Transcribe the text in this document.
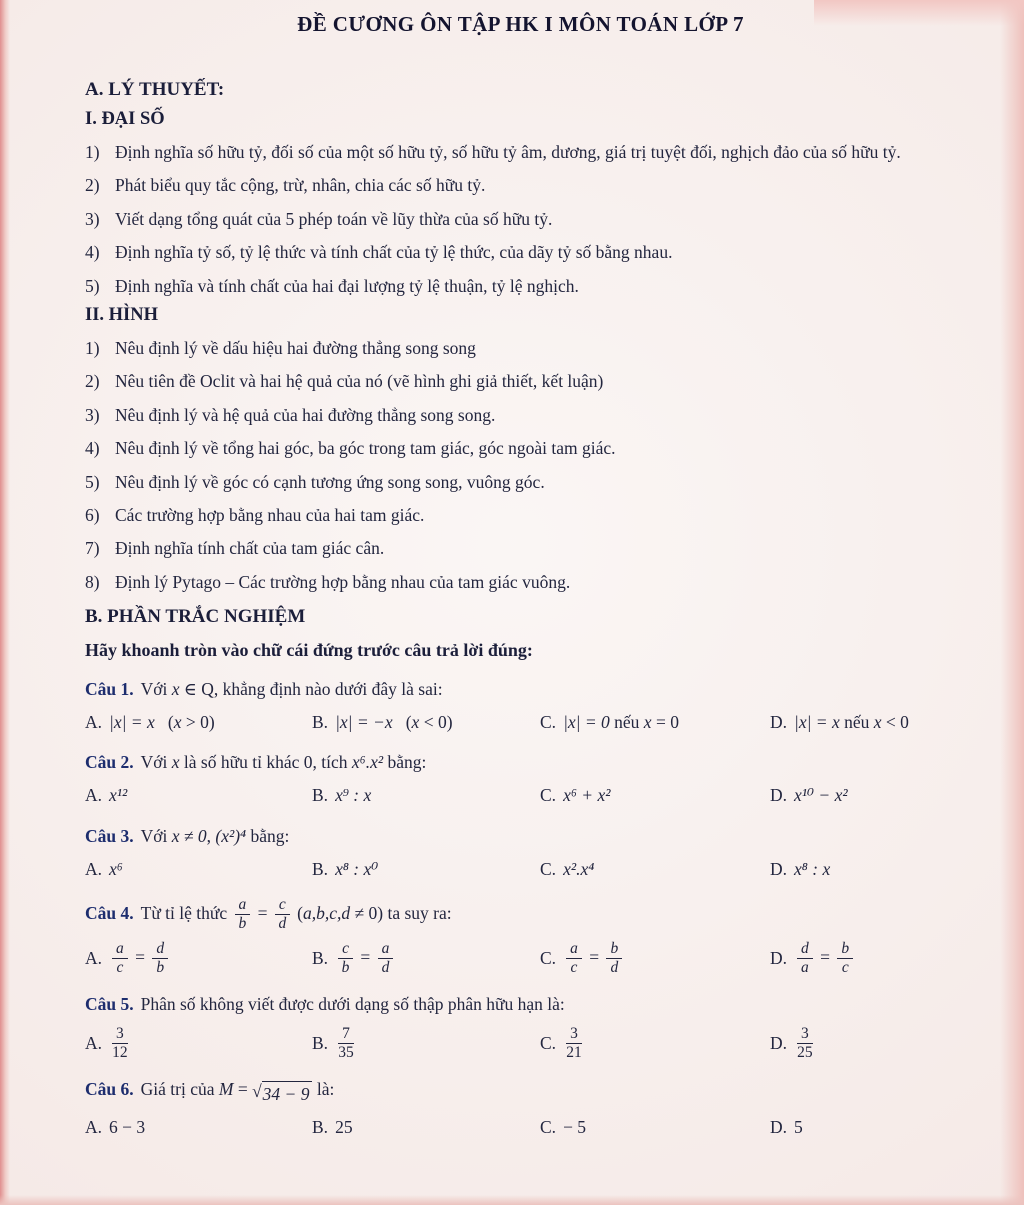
ĐỀ CƯƠNG ÔN TẬP HK I MÔN TOÁN LỚP 7
A. LÝ THUYẾT:
I. ĐẠI SỐ
1) Định nghĩa số hữu tỷ, đối số của một số hữu tỷ, số hữu tỷ âm, dương, giá trị tuyệt đối, nghịch đảo của số hữu tỷ.
2) Phát biểu quy tắc cộng, trừ, nhân, chia các số hữu tỷ.
3) Viết dạng tổng quát của 5 phép toán về lũy thừa của số hữu tỷ.
4) Định nghĩa tỷ số, tỷ lệ thức và tính chất của tỷ lệ thức, của dãy tỷ số bằng nhau.
5) Định nghĩa và tính chất của hai đại lượng tỷ lệ thuận, tỷ lệ nghịch.
II. HÌNH
1) Nêu định lý về dấu hiệu hai đường thẳng song song
2) Nêu tiên đề Oclit và hai hệ quả của nó (vẽ hình ghi giả thiết, kết luận)
3) Nêu định lý và hệ quả của hai đường thẳng song song.
4) Nêu định lý về tổng hai góc, ba góc trong tam giác, góc ngoài tam giác.
5) Nêu định lý về góc có cạnh tương ứng song song, vuông góc.
6) Các trường hợp bằng nhau của hai tam giác.
7) Định nghĩa tính chất của tam giác cân.
8) Định lý Pytago – Các trường hợp bằng nhau của tam giác vuông.
B. PHẦN TRẮC NGHIỆM
Hãy khoanh tròn vào chữ cái đứng trước câu trả lời đúng:
Câu 1. Với x ∈ Q, khẳng định nào dưới đây là sai:
A. |x| = x   (x > 0)	B. |x| = −x   (x < 0)	C. |x| = 0 nếu x = 0	D. |x| = x nếu x < 0
Câu 2. Với x là số hữu tỉ khác 0, tích x⁶.x² bằng:
A. x¹²	B. x⁹ : x	C. x⁶ + x²	D. x¹⁰ − x²
Câu 3. Với x ≠ 0, (x²)⁴ bằng:
A. x⁶	B. x⁸ : x⁰	C. x².x⁴	D. x⁸ : x
Câu 4. Từ tỉ lệ thức $\frac{a}{b} = \frac{c}{d} (a,b,c,d \ne 0)$ ta suy ra:
A. $\frac{a}{c} = \frac{d}{b}$	B. $\frac{c}{b} = \frac{a}{d}$	C. $\frac{a}{c} = \frac{b}{d}$	D. $\frac{d}{a} = \frac{b}{c}$
Câu 5. Phân số không viết được dưới dạng số thập phân hữu hạn là:
A. $\frac{3}{12}$	B. $\frac{7}{35}$	C. $\frac{3}{21}$	D. $\frac{3}{25}$
Câu 6. Giá trị của M = √ 34 − 9 là:
A. 6 − 3	B. 25	C. − 5	D. 5
